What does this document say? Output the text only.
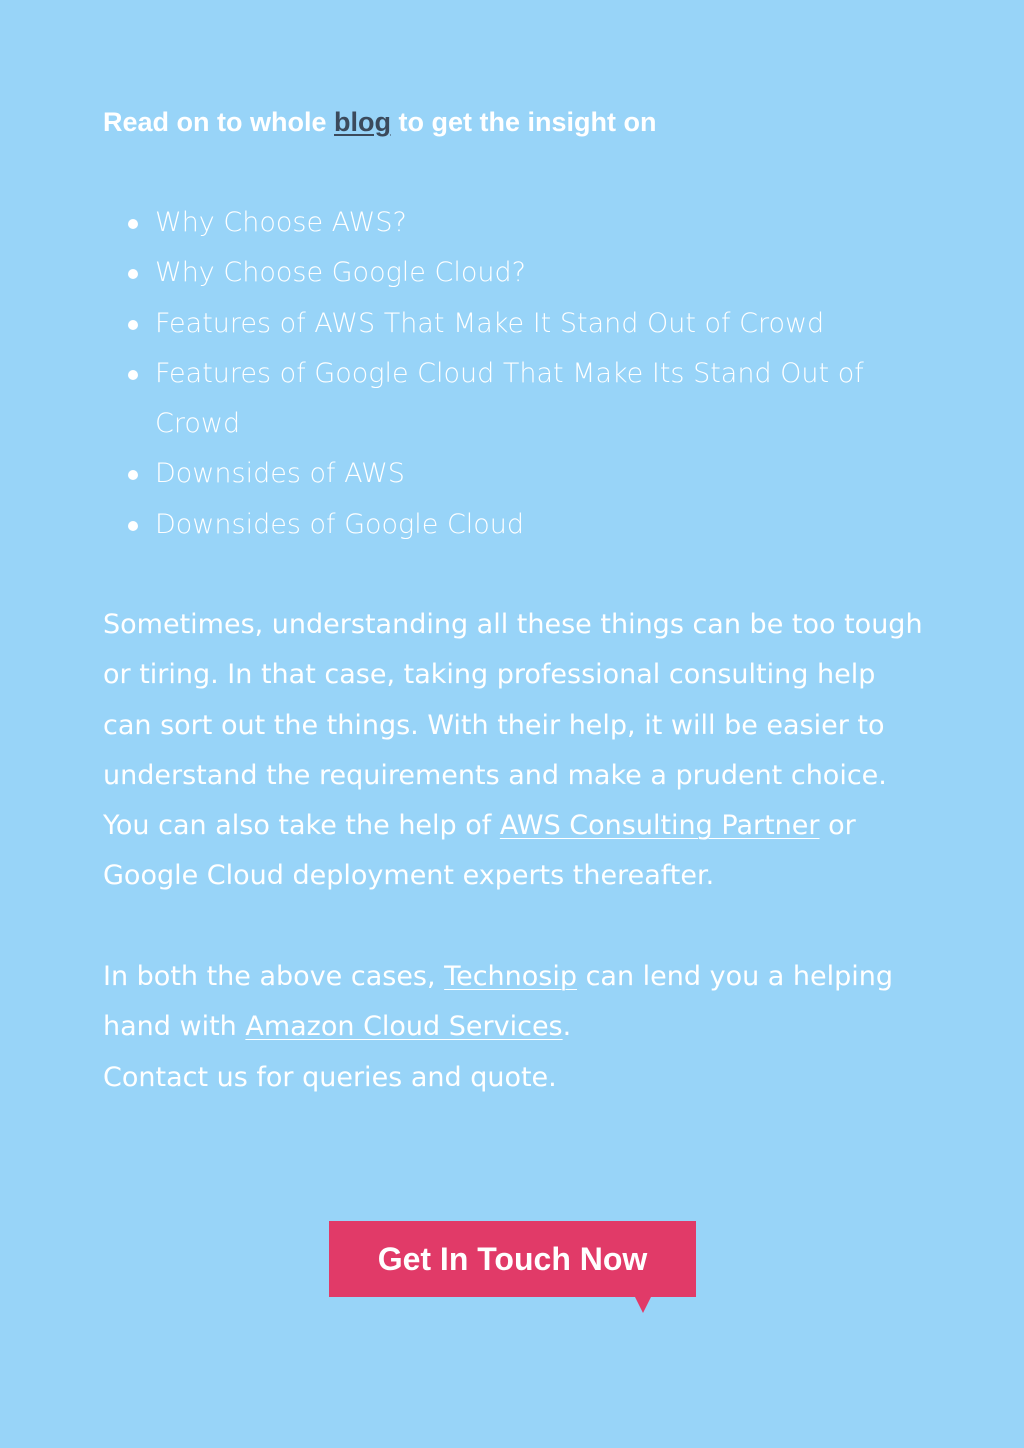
Read on to whole blog to get the insight on

Why Choose AWS?
Why Choose Google Cloud?
Features of AWS That Make It Stand Out of Crowd
Features of Google Cloud That Make Its Stand Out of Crowd
Downsides of AWS
Downsides of Google Cloud

Sometimes, understanding all these things can be too tough or tiring. In that case, taking professional consulting help can sort out the things. With their help, it will be easier to understand the requirements and make a prudent choice. You can also take the help of AWS Consulting Partner or Google Cloud deployment experts thereafter.

In both the above cases, Technosip can lend you a helping hand with Amazon Cloud Services.
Contact us for queries and quote.

Get In Touch Now
